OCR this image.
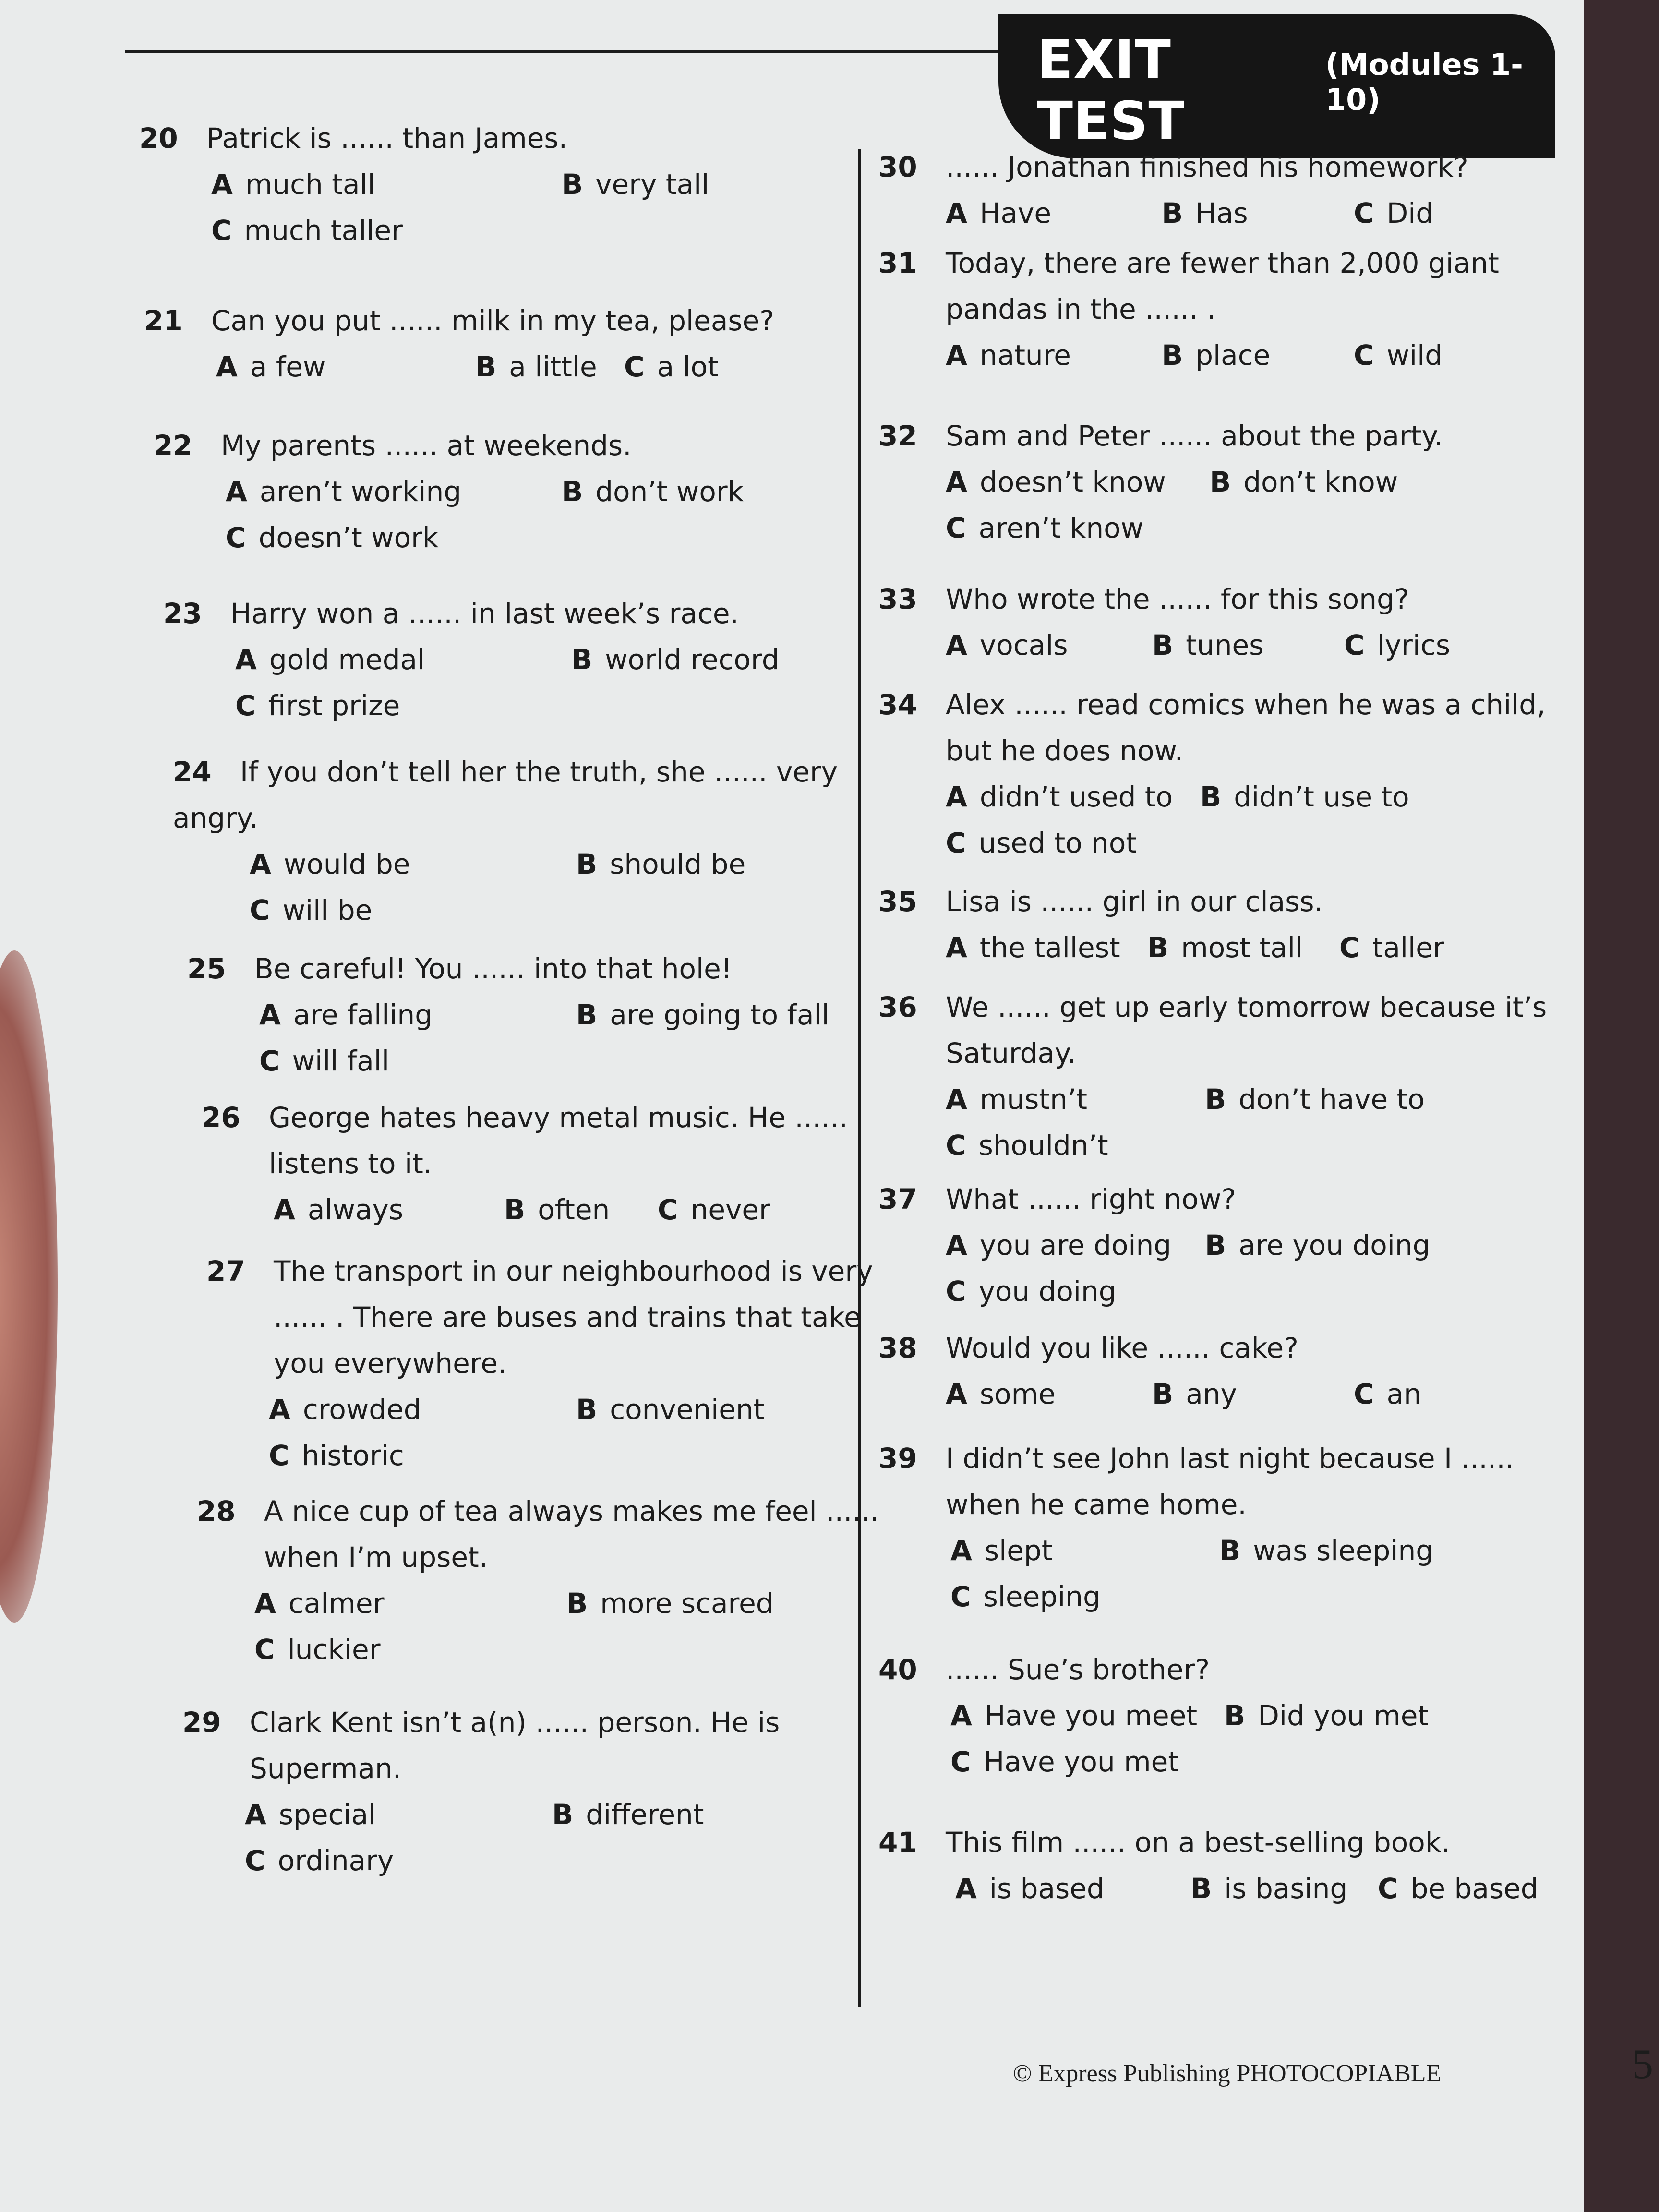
EXIT TEST
(Modules 1-10)
20 Patrick is ...... than James.
A much tall	B very tall
C much taller
21 Can you put ...... milk in my tea, please?
A a few	B a little C a lot
22 My parents ...... at weekends.
A aren’t working	B don’t work
C doesn’t work
23 Harry won a ...... in last week’s race.
A gold medal	B world record
C first prize
24 If you don’t tell her the truth, she ...... very
angry.
A would be	B should be
C will be
25 Be careful! You ...... into that hole!
A are falling	B are going to fall
C will fall
26 George hates heavy metal music. He ......
listens to it.
A always	B often C never
27 The transport in our neighbourhood is very
...... . There are buses and trains that take
you everywhere.
A crowded	B convenient
C historic
28 A nice cup of tea always makes me feel ......
when I’m upset.
A calmer	B more scared
C luckier
29 Clark Kent isn’t a(n) ...... person. He is
Superman.
A special	B different
C ordinary
30 ...... Jonathan finished his homework?
A Have	B Has	C Did
31 Today, there are fewer than 2,000 giant
pandas in the ...... .
A nature	B place	C wild
32 Sam and Peter ...... about the party.
A doesn’t know B don’t know
C aren’t know
33 Who wrote the ...... for this song?
A vocals	B tunes	C lyrics
34 Alex ...... read comics when he was a child,
but he does now.
A didn’t used to B didn’t use to
C used to not
35 Lisa is ...... girl in our class.
A the tallest B most tall C taller
36 We ...... get up early tomorrow because it’s
Saturday.
A mustn’t	B don’t have to
C shouldn’t
37 What ...... right now?
A you are doing B are you doing
C you doing
38 Would you like ...... cake?
A some	B any	C an
39 I didn’t see John last night because I ......
when he came home.
A slept	B was sleeping
C sleeping
40 ...... Sue’s brother?
A Have you meet B Did you met
C Have you met
41 This film ...... on a best-selling book.
A is based	B is basing C be based
© Express Publishing PHOTOCOPIABLE	5
